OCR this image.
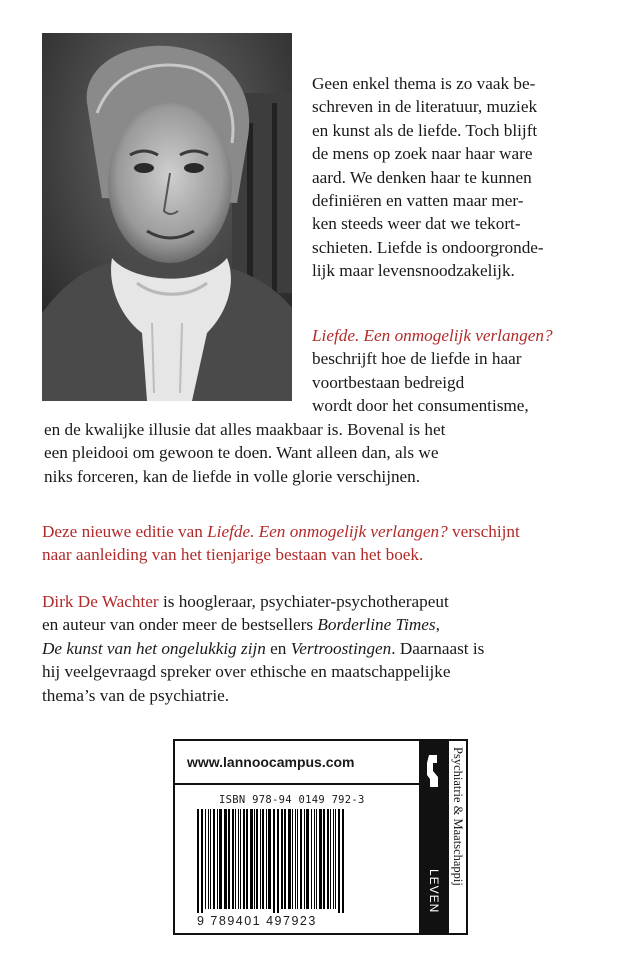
Geen enkel thema is zo vaak be-
schreven in de literatuur, muziek
en kunst als de liefde. Toch blijft
de mens op zoek naar haar ware
aard. We denken haar te kunnen
definiëren en vatten maar mer-
ken steeds weer dat we tekort-
schieten. Liefde is ondoorgronde-
lijk maar levensnoodzakelijk.
Liefde. Een onmogelijk verlangen?
beschrijft hoe de liefde in haar
voortbestaan bedreigd
wordt door het consumentisme,
en de kwalijke illusie dat alles maakbaar is. Bovenal is het
een pleidooi om gewoon te doen. Want alleen dan, als we
niks forceren, kan de liefde in volle glorie verschijnen.
Deze nieuwe editie van Liefde. Een onmogelijk verlangen? verschijnt
naar aanleiding van het tienjarige bestaan van het boek.
Dirk De Wachter is hoogleraar, psychiater-psychotherapeut
en auteur van onder meer de bestsellers Borderline Times,
De kunst van het ongelukkig zijn en Vertroostingen. Daarnaast is
hij veelgevraagd spreker over ethische en maatschappelijke
thema’s van de psychiatrie.
www.lannoocampus.com
ISBN 978-94 0149 792-3
9 789401 497923
LEVEN
Psychiatrie & Maatschappij
